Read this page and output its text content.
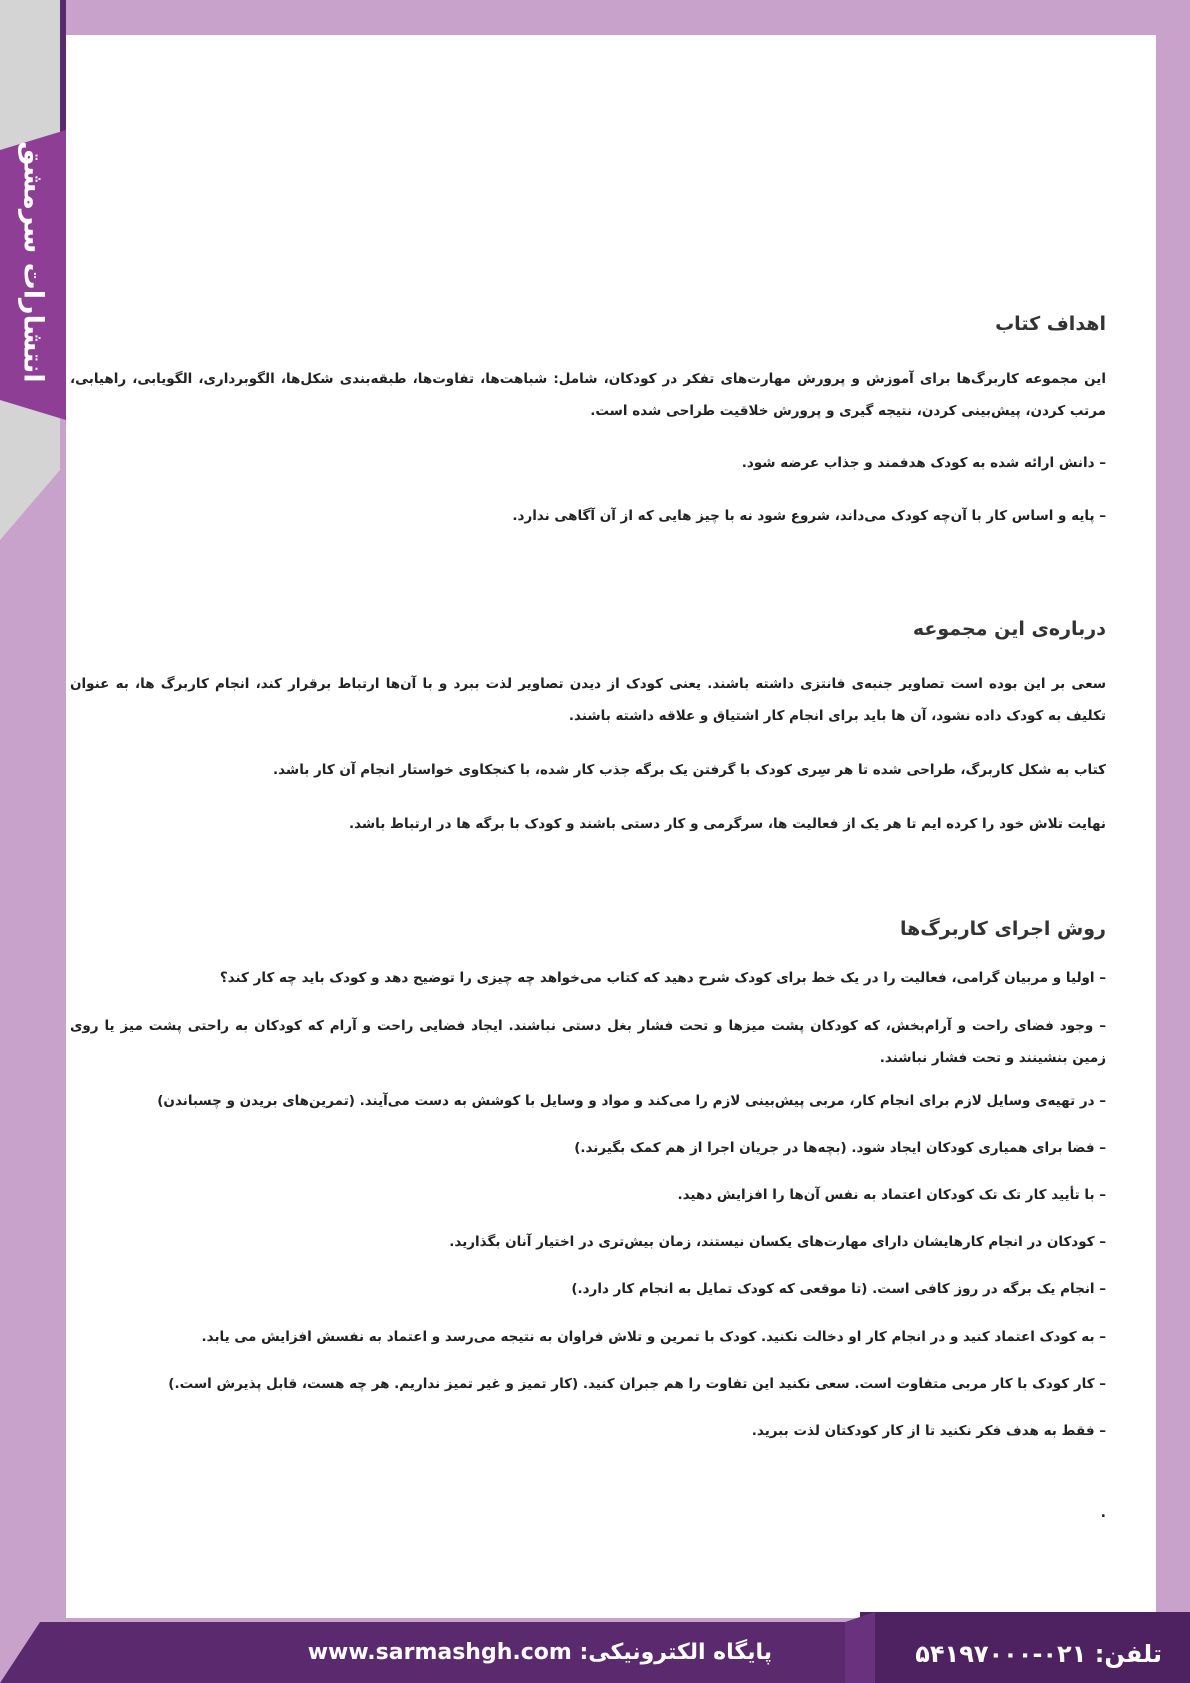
انتشارات سرمشق	اهداف کتاب
این مجموعه کاربرگ‌ها برای آموزش و پرورش مهارت‌های تفکر در کودکان، شامل: شباهت‌ها، تفاوت‌ها، طبقه‌بندی شکل‌ها، الگوبرداری، الگویابی، راهیابی، مرتب کردن، پیش‌بینی کردن، نتیجه گیری و پرورش خلاقیت طراحی شده است.
– دانش ارائه شده به کودک هدفمند و جذاب عرضه شود.
– پایه و اساس کار با آن‌چه کودک می‌داند، شروع شود نه با چیز هایی که از آن آگاهی ندارد.
درباره‌ی این مجموعه
سعی بر این بوده است تصاویر جنبه‌ی فانتزی داشته باشند. یعنی کودک از دیدن تصاویر لذت ببرد و با آن‌ها ارتباط برقرار کند، انجام کاربرگ ها، به عنوان تکلیف به کودک داده نشود، آن ها باید برای انجام کار اشتیاق و علاقه داشته باشند.
کتاب به شکل کاربرگ، طراحی شده تا هر سِری کودک با گرفتن یک برگه جذب کار شده، با کنجکاوی خواستار انجام آن کار باشد.
نهایت تلاش خود را کرده ایم تا هر یک از فعالیت ها، سرگرمی و کار دستی باشند و کودک با برگه ها در ارتباط باشد.
روش اجرای کاربرگ‌ها
– اولیا و مربیان گرامی، فعالیت را در یک خط برای کودک شرح دهید که کتاب می‌خواهد چه چیزی را توضیح دهد و کودک باید چه کار کند؟
– وجود فضای راحت و آرام‌بخش، که کودکان پشت میزها و تحت فشار بغل دستی نباشند. ایجاد فضایی راحت و آرام که کودکان به راحتی پشت میز یا روی زمین بنشینند و تحت فشار نباشند.
– در تهیه‌ی وسایل لازم برای انجام کار، مربی پیش‌بینی لازم را می‌کند و مواد و وسایل با کوشش به دست می‌آیند. (تمرین‌های بریدن و چسباندن)
– فضا برای همیاری کودکان ایجاد شود. (بچه‌ها در جریان اجرا از هم کمک بگیرند.)
– با تأیید کار تک تک کودکان اعتماد به نفس آن‌ها را افزایش دهید.
– کودکان در انجام کارهایشان دارای مهارت‌های یکسان نیستند، زمان بیش‌تری در اختیار آنان بگذارید.
– انجام یک برگه در روز کافی است. (تا موقعی که کودک تمایل به انجام کار دارد.)
– به کودک اعتماد کنید و در انجام کار او دخالت نکنید. کودک با تمرین و تلاش فراوان به نتیجه می‌رسد و اعتماد به نفسش افزایش می یابد.
– کار کودک با کار مربی متفاوت است. سعی نکنید این تفاوت را هم جبران کنید. (کار تمیز و غیر تمیز نداریم. هر چه هست، قابل پذیرش است.)
– فقط به هدف فکر نکنید تا از کار کودکتان لذت ببرید.
.
تلفن: ۰۲۱-۵۴۱۹۷۰۰۰
پایگاه الکترونیکی: www.sarmashgh.com
